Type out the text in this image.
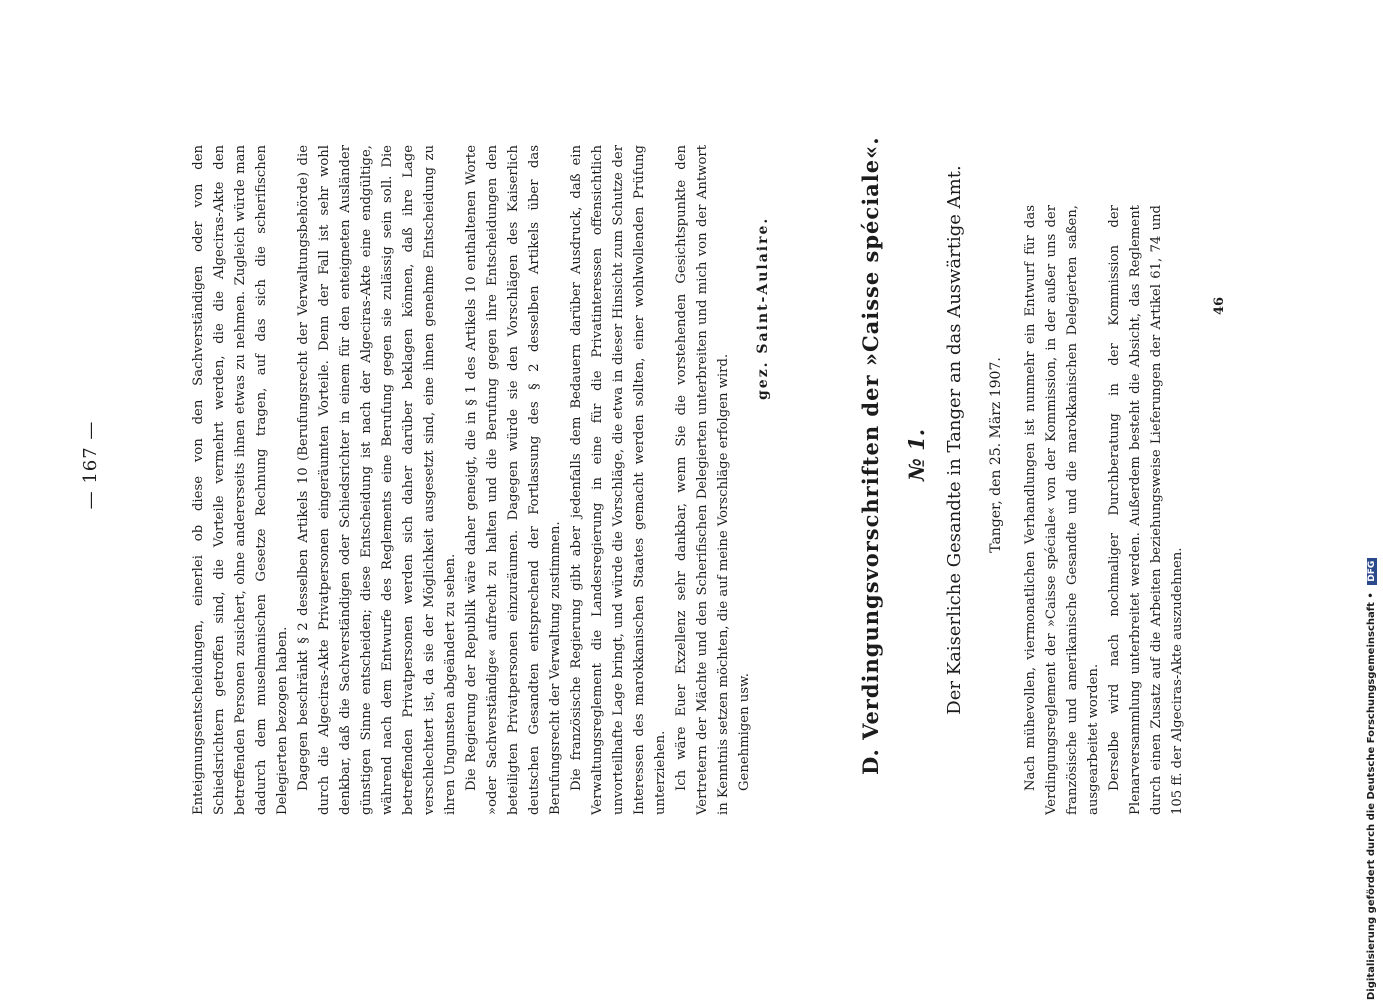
— 167 —	Enteignungsentscheidungen, einerlei ob diese von den Sachverständigen oder von den Schiedsrichtern getroffen sind, die Vorteile vermehrt werden, die die Algeciras-Akte den betreffenden Personen zusichert, ohne andererseits ihnen etwas zu nehmen. Zugleich würde man dadurch dem muselmanischen Gesetze Rechnung tragen, auf das sich die scherifischen Delegierten bezogen haben. Dagegen beschränkt § 2 desselben Artikels 10 (Berufungsrecht der Verwaltungsbehörde) die durch die Algeciras-Akte Privatpersonen eingeräumten Vorteile. Denn der Fall ist sehr wohl denkbar, daß die Sachverständigen oder Schiedsrichter in einem für den enteigneten Ausländer günstigen Sinne entscheiden; diese Entscheidung ist nach der Algeciras-Akte eine endgültige, während nach dem Entwurfe des Reglements eine Berufung gegen sie zulässig sein soll. Die betreffenden Privatpersonen werden sich daher darüber beklagen können, daß ihre Lage verschlechtert ist, da sie der Möglichkeit ausgesetzt sind, eine ihnen genehme Entscheidung zu ihren Ungunsten abgeändert zu sehen. Die Regierung der Republik wäre daher geneigt, die in § 1 des Artikels 10 enthaltenen Worte »oder Sachverständige« aufrecht zu halten und die Berufung gegen ihre Entscheidungen den beteiligten Privatpersonen einzuräumen. Dagegen würde sie den Vorschlägen des Kaiserlich deutschen Gesandten entsprechend der Fortlassung des § 2 desselben Artikels über das Berufungsrecht der Verwaltung zustimmen. Die französische Regierung gibt aber jedenfalls dem Bedauern darüber Ausdruck, daß ein Verwaltungsreglement die Landesregierung in eine für die Privatinteressen offensichtlich unvorteilhafte Lage bringt, und würde die Vorschläge, die etwa in dieser Hinsicht zum Schutze der Interessen des marokkanischen Staates gemacht werden sollten, einer wohlwollenden Prüfung unterziehen. Ich wäre Euer Exzellenz sehr dankbar, wenn Sie die vorstehenden Gesichtspunkte den Vertretern der Mächte und den Scherifischen Delegierten unterbreiten und mich von der Antwort in Kenntnis setzen möchten, die auf meine Vorschläge erfolgen wird. Genehmigen usw.

gez. Saint-Aulaire.	D. Verdingungsvorschriften der »Caisse spéciale«. № 1. Der Kaiserliche Gesandte in Tanger an das Auswärtige Amt. Tanger, den 25. März 1907. Nach mühevollen, viermonatlichen Verhandlungen ist nunmehr ein Entwurf für das Verdingungsreglement der »Caisse spéciale« von der Kommission, in der außer uns der französische und amerikanische Gesandte und die marokkanischen Delegierten saßen, ausgearbeitet worden. Derselbe wird nach nochmaliger Durchberatung in der Kommission der Plenarversammlung unterbreitet werden. Außerdem besteht die Absicht, das Reglement durch einen Zusatz auf die Arbeiten beziehungsweise Lieferungen der Artikel 61, 74 und 105 ff. der Algeciras-Akte auszudehnen.

46
Digitalisierung gefördert durch die Deutsche Forschungsgemeinschaft • DFG
